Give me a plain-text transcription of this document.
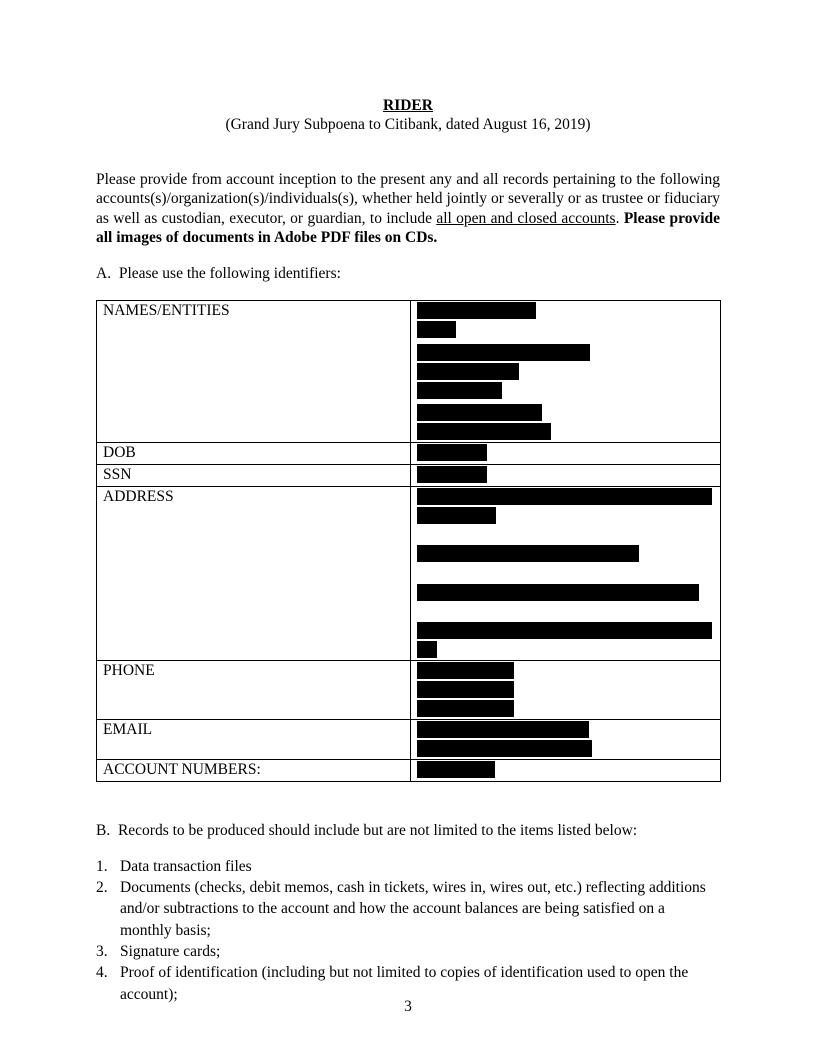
RIDER
(Grand Jury Subpoena to Citibank, dated August 16, 2019)

Please provide from account inception to the present any and all records pertaining to the following accounts(s)/organization(s)/individuals(s), whether held jointly or severally or as trustee or fiduciary as well as custodian, executor, or guardian, to include all open and closed accounts. Please provide all images of documents in Adobe PDF files on CDs.

A.  Please use the following identifiers:

NAMES/ENTITIES	

DOB	

SSN	

ADDRESS	

PHONE	

EMAIL	

ACCOUNT NUMBERS:	

B.  Records to be produced should include but are not limited to the items listed below:

1. Data transaction files
2. Documents (checks, debit memos, cash in tickets, wires in, wires out, etc.) reflecting additions and/or subtractions to the account and how the account balances are being satisfied on a monthly basis;
3. Signature cards;
4. Proof of identification (including but not limited to copies of identification used to open the account);
3
